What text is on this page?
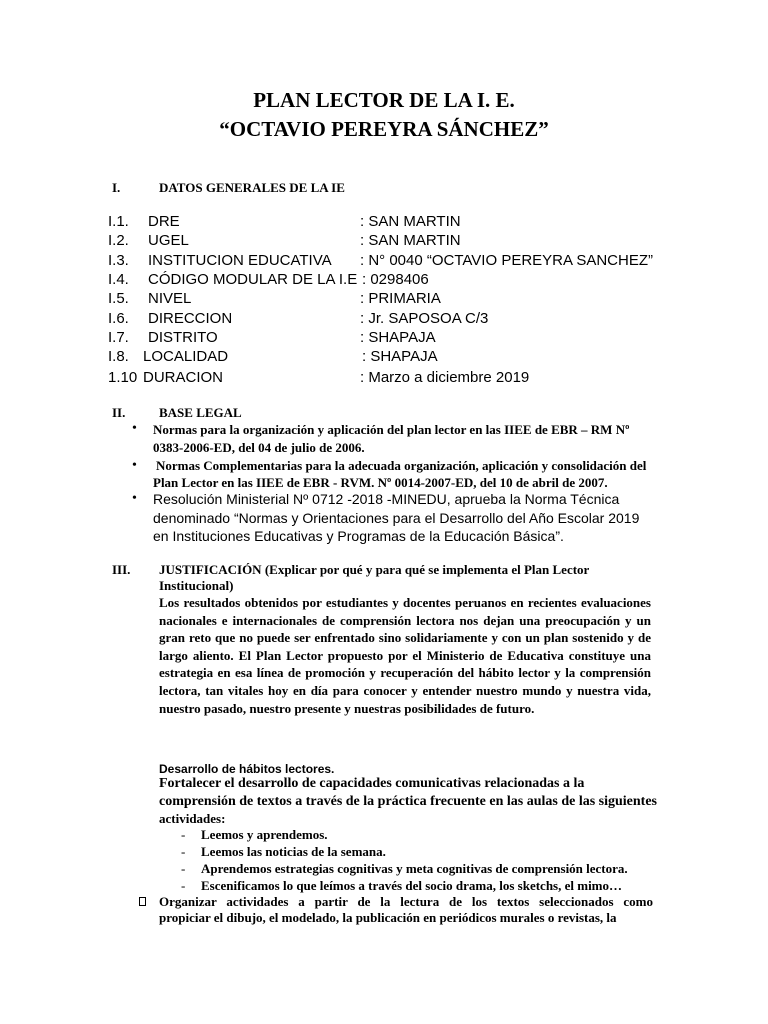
PLAN LECTOR DE LA I. E.
“OCTAVIO PEREYRA SÁNCHEZ”
I.	DATOS GENERALES DE LA IE
I.1. DRE	: SAN MARTIN
I.2. UGEL	: SAN MARTIN
I.3. INSTITUCION EDUCATIVA : N° 0040 “OCTAVIO PEREYRA SANCHEZ”
I.4. CÓDIGO MODULAR DE LA I.E : 0298406
I.5. NIVEL	: PRIMARIA
I.6. DIRECCION	: Jr. SAPOSOA C/3
I.7. DISTRITO	: SHAPAJA
I.8. LOCALIDAD	: SHAPAJA
1.10 DURACION	: Marzo a diciembre 2019
II.	BASE LEGAL
• Normas para la organización y aplicación del plan lector en las IIEE de EBR – RM Nº
0383-2006-ED, del 04 de julio de 2006.
• Normas Complementarias para la adecuada organización, aplicación y consolidación del
Plan Lector en las IIEE de EBR - RVM. Nº 0014-2007-ED, del 10 de abril de 2007.
• Resolución Ministerial Nº 0712 -2018 -MINEDU, aprueba la Norma Técnica
denominado “Normas y Orientaciones para el Desarrollo del Año Escolar 2019
en Instituciones Educativas y Programas de la Educación Básica”.
III. JUSTIFICACIÓN (Explicar por qué y para qué se implementa el Plan Lector
Institucional)
Los resultados obtenidos por estudiantes y docentes peruanos en recientes evaluaciones nacionales e internacionales de comprensión lectora nos dejan una preocupación y un gran reto que no puede ser enfrentado sino solidariamente y con un plan sostenido y de largo aliento. El Plan Lector propuesto por el Ministerio de Educativa constituye una estrategia en esa línea de promoción y recuperación del hábito lector y la comprensión lectora, tan vitales hoy en día para conocer y entender nuestro mundo y nuestra vida, nuestro pasado, nuestro presente y nuestras posibilidades de futuro.
Desarrollo de hábitos lectores.
Fortalecer el desarrollo de capacidades comunicativas relacionadas a la
comprensión de textos a través de la práctica frecuente en las aulas de las siguientes
actividades:
- Leemos y aprendemos.
- Leemos las noticias de la semana.
- Aprendemos estrategias cognitivas y meta cognitivas de comprensión lectora.
- Escenificamos lo que leímos a través del socio drama, los sketchs, el mimo…
Organizar actividades a partir de la lectura de los textos seleccionados como
propiciar el dibujo, el modelado, la publicación en periódicos murales o revistas, la
